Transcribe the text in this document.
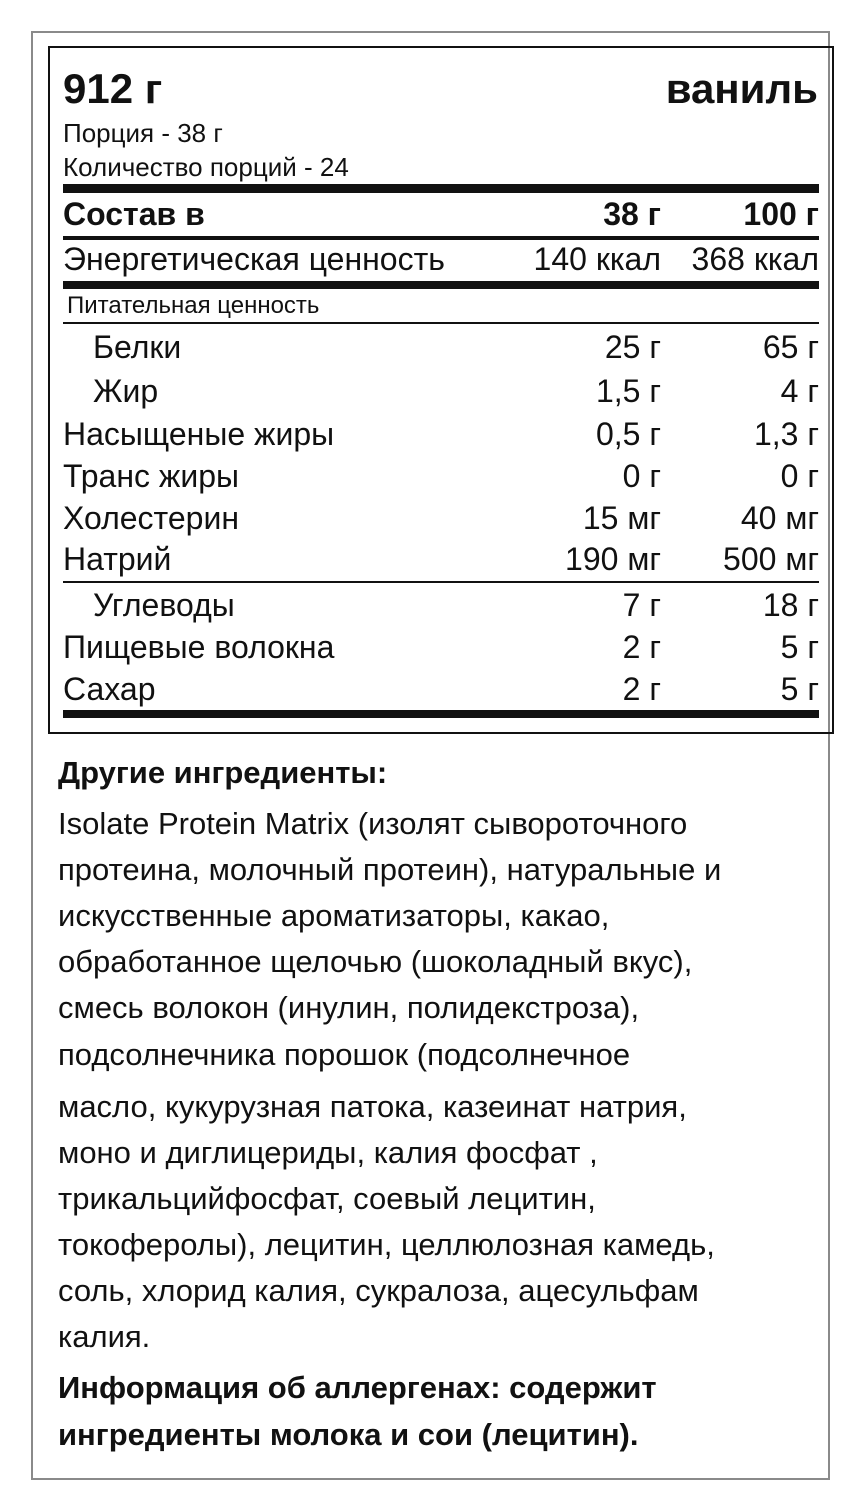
912 г	ваниль
Порция - 38 г
Количество порций - 24
Состав в	38 г	100 г
Энергетическая ценность	140 ккал 368 ккал
Питательная ценность
Белки	25 г	65 г
Жир	1,5 г	4 г
Насыщеные жиры	0,5 г	1,3 г
Транс жиры	0 г	0 г
Холестерин	15 мг 40 мг
Натрий	190 мг 500 мг
Углеводы	7 г	18 г
Пищевые волокна	2 г	5 г
Сахар	2 г	5 г
Другие ингредиенты:
Isolate Protein Matrix (изолят сывороточного
протеина, молочный протеин), натуральные и
искусственные ароматизаторы, какао,
обработанное щелочью (шоколадный вкус),
смесь волокон (инулин, полидекстроза),
подсолнечника порошок (подсолнечное
масло, кукурузная патока, казеинат натрия,
моно и диглицериды, калия фосфат ,
трикальцийфосфат, соевый лецитин,
токоферолы), лецитин, целлюлозная камедь,
соль, хлорид калия, сукралоза, ацесульфам
калия.
Информация об аллергенах: содержит
ингредиенты молока и сои (лецитин).
